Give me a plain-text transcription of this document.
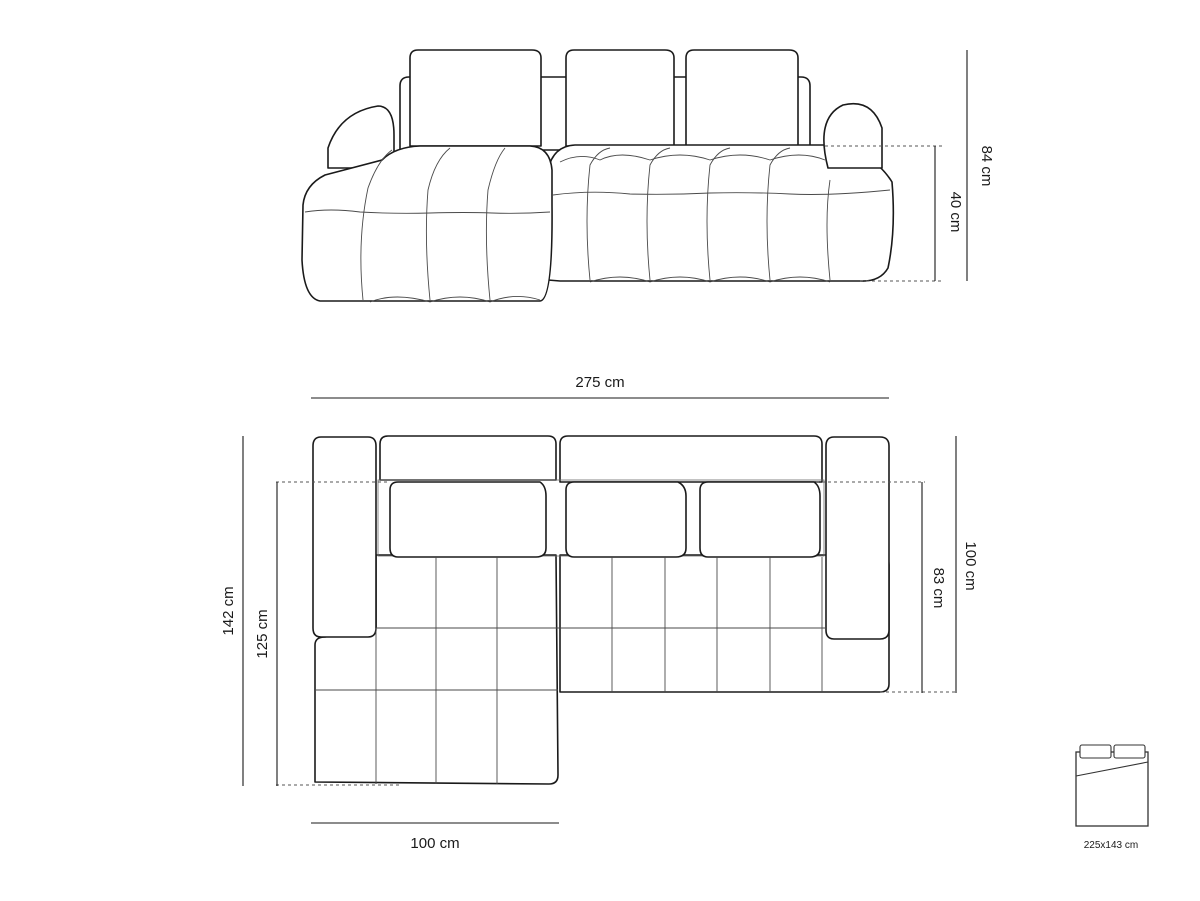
40 cm
84 cm
275 cm
142 cm 125 cm
83 cm 100 cm
100 cm	225x143 cm
